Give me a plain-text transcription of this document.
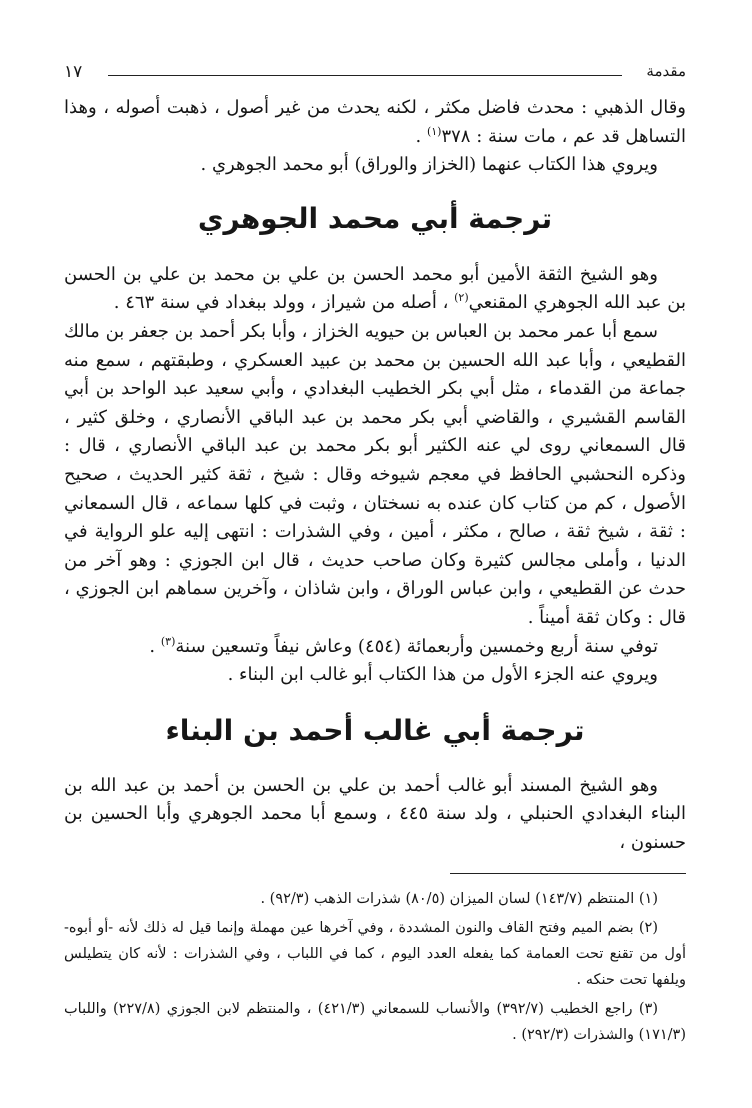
مقدمة
١٧

وقال الذهبي : محدث فاضل مكثر ، لكنه يحدث من غير أصول ، ذهبت أصوله ، وهذا التساهل قد عم ، مات سنة : ٣٧٨$^{(١)}$ .

ويروي هذا الكتاب عنهما (الخزاز والوراق) أبو محمد الجوهري .

ترجمة أبي محمد الجوهري

وهو الشيخ الثقة الأمين أبو محمد الحسن بن علي بن محمد بن علي بن الحسن بن عبد الله الجوهري المقنعي$^{(٢)}$ ، أصله من شيراز ، وولد ببغداد في سنة ٤٦٣ .

سمع أبا عمر محمد بن العباس بن حيويه الخزاز ، وأبا بكر أحمد بن جعفر بن مالك القطيعي ، وأبا عبد الله الحسين بن محمد بن عبيد العسكري ، وطبقتهم ، سمع منه جماعة من القدماء ، مثل أبي بكر الخطيب البغدادي ، وأبي سعيد عبد الواحد بن أبي القاسم القشيري ، والقاضي أبي بكر محمد بن عبد الباقي الأنصاري ، وخلق كثير ، قال السمعاني روى لي عنه الكثير أبو بكر محمد بن عبد الباقي الأنصاري ، قال : وذكره النحشبي الحافظ في معجم شيوخه وقال : شيخ ، ثقة كثير الحديث ، صحيح الأصول ، كم من كتاب كان عنده به نسختان ، وثبت في كلها سماعه ، قال السمعاني : ثقة ، شيخ ثقة ، صالح ، مكثر ، أمين ، وفي الشذرات : انتهى إليه علو الرواية في الدنيا ، وأملى مجالس كثيرة وكان صاحب حديث ، قال ابن الجوزي : وهو آخر من حدث عن القطيعي ، وابن عباس الوراق ، وابن شاذان ، وآخرين سماهم ابن الجوزي ، قال : وكان ثقة أميناً .

توفي سنة أربع وخمسين وأربعمائة (٤٥٤) وعاش نيفاً وتسعين سنة$^{(٣)}$ .

ويروي عنه الجزء الأول من هذا الكتاب أبو غالب ابن البناء .

ترجمة أبي غالب أحمد بن البناء

وهو الشيخ المسند أبو غالب أحمد بن علي بن الحسن بن أحمد بن عبد الله بن البناء البغدادي الحنبلي ، ولد سنة ٤٤٥ ، وسمع أبا محمد الجوهري وأبا الحسين بن حسنون ،

(١) المنتظم (١٤٣/٧) لسان الميزان (٨٠/٥) شذرات الذهب (٩٢/٣) .

(٢) بضم الميم وفتح القاف والنون المشددة ، وفي آخرها عين مهملة وإنما قيل له ذلك لأنه -أو أبوه- أول من تقنع تحت العمامة كما يفعله العدد اليوم ، كما في اللباب ، وفي الشذرات : لأنه كان يتطيلس ويلفها تحت حنكه .

(٣) راجع الخطيب (٣٩٢/٧) والأنساب للسمعاني (٤٢١/٣) ، والمنتظم لابن الجوزي (٢٢٧/٨) واللباب (١٧١/٣) والشذرات (٢٩٢/٣) .
